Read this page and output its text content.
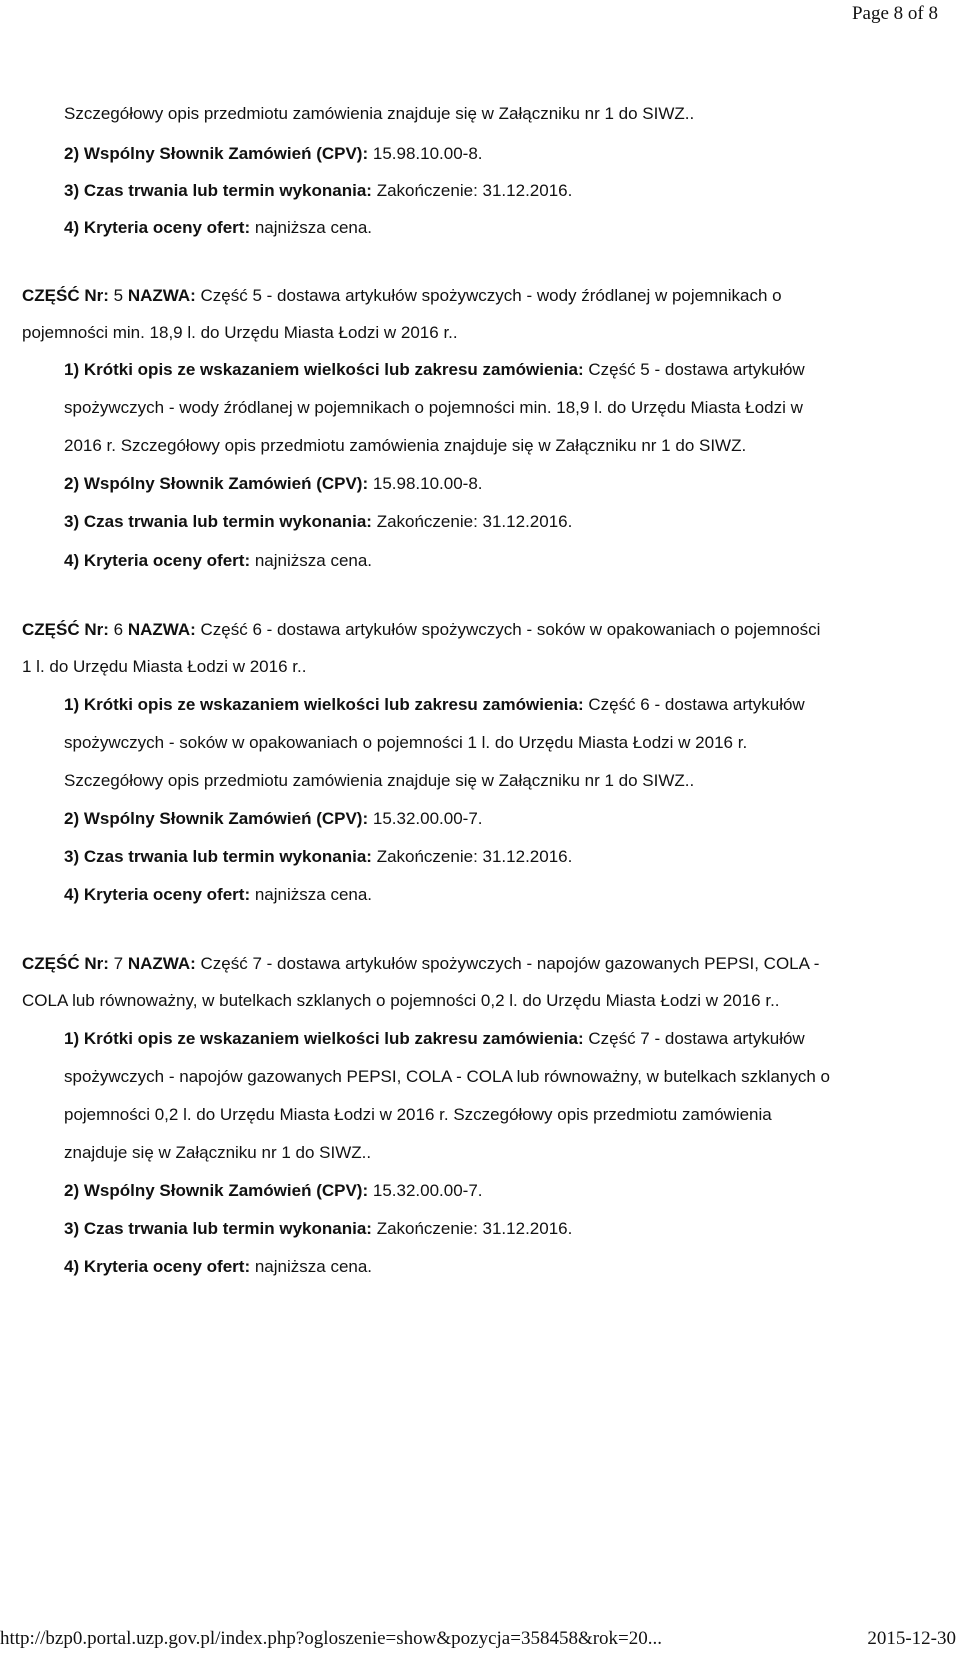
Page 8 of 8
Szczegółowy opis przedmiotu zamówienia znajduje się w Załączniku nr 1 do SIWZ..
2) Wspólny Słownik Zamówień (CPV): 15.98.10.00-8.
3) Czas trwania lub termin wykonania: Zakończenie: 31.12.2016.
4) Kryteria oceny ofert: najniższa cena.
CZĘŚĆ Nr: 5 NAZWA: Część 5 - dostawa artykułów spożywczych - wody źródlanej w pojemnikach o
pojemności min. 18,9 l. do Urzędu Miasta Łodzi w 2016 r..
1) Krótki opis ze wskazaniem wielkości lub zakresu zamówienia: Część 5 - dostawa artykułów
spożywczych - wody źródlanej w pojemnikach o pojemności min. 18,9 l. do Urzędu Miasta Łodzi w
2016 r. Szczegółowy opis przedmiotu zamówienia znajduje się w Załączniku nr 1 do SIWZ.
2) Wspólny Słownik Zamówień (CPV): 15.98.10.00-8.
3) Czas trwania lub termin wykonania: Zakończenie: 31.12.2016.
4) Kryteria oceny ofert: najniższa cena.
CZĘŚĆ Nr: 6 NAZWA: Część 6 - dostawa artykułów spożywczych - soków w opakowaniach o pojemności
1 l. do Urzędu Miasta Łodzi w 2016 r..
1) Krótki opis ze wskazaniem wielkości lub zakresu zamówienia: Część 6 - dostawa artykułów
spożywczych - soków w opakowaniach o pojemności 1 l. do Urzędu Miasta Łodzi w 2016 r.
Szczegółowy opis przedmiotu zamówienia znajduje się w Załączniku nr 1 do SIWZ..
2) Wspólny Słownik Zamówień (CPV): 15.32.00.00-7.
3) Czas trwania lub termin wykonania: Zakończenie: 31.12.2016.
4) Kryteria oceny ofert: najniższa cena.
CZĘŚĆ Nr: 7 NAZWA: Część 7 - dostawa artykułów spożywczych - napojów gazowanych PEPSI, COLA -
COLA lub równoważny, w butelkach szklanych o pojemności 0,2 l. do Urzędu Miasta Łodzi w 2016 r..
1) Krótki opis ze wskazaniem wielkości lub zakresu zamówienia: Część 7 - dostawa artykułów
spożywczych - napojów gazowanych PEPSI, COLA - COLA lub równoważny, w butelkach szklanych o
pojemności 0,2 l. do Urzędu Miasta Łodzi w 2016 r. Szczegółowy opis przedmiotu zamówienia
znajduje się w Załączniku nr 1 do SIWZ..
2) Wspólny Słownik Zamówień (CPV): 15.32.00.00-7.
3) Czas trwania lub termin wykonania: Zakończenie: 31.12.2016.
4) Kryteria oceny ofert: najniższa cena.
http://bzp0.portal.uzp.gov.pl/index.php?ogloszenie=show&pozycja=358458&rok=20...	2015-12-30
